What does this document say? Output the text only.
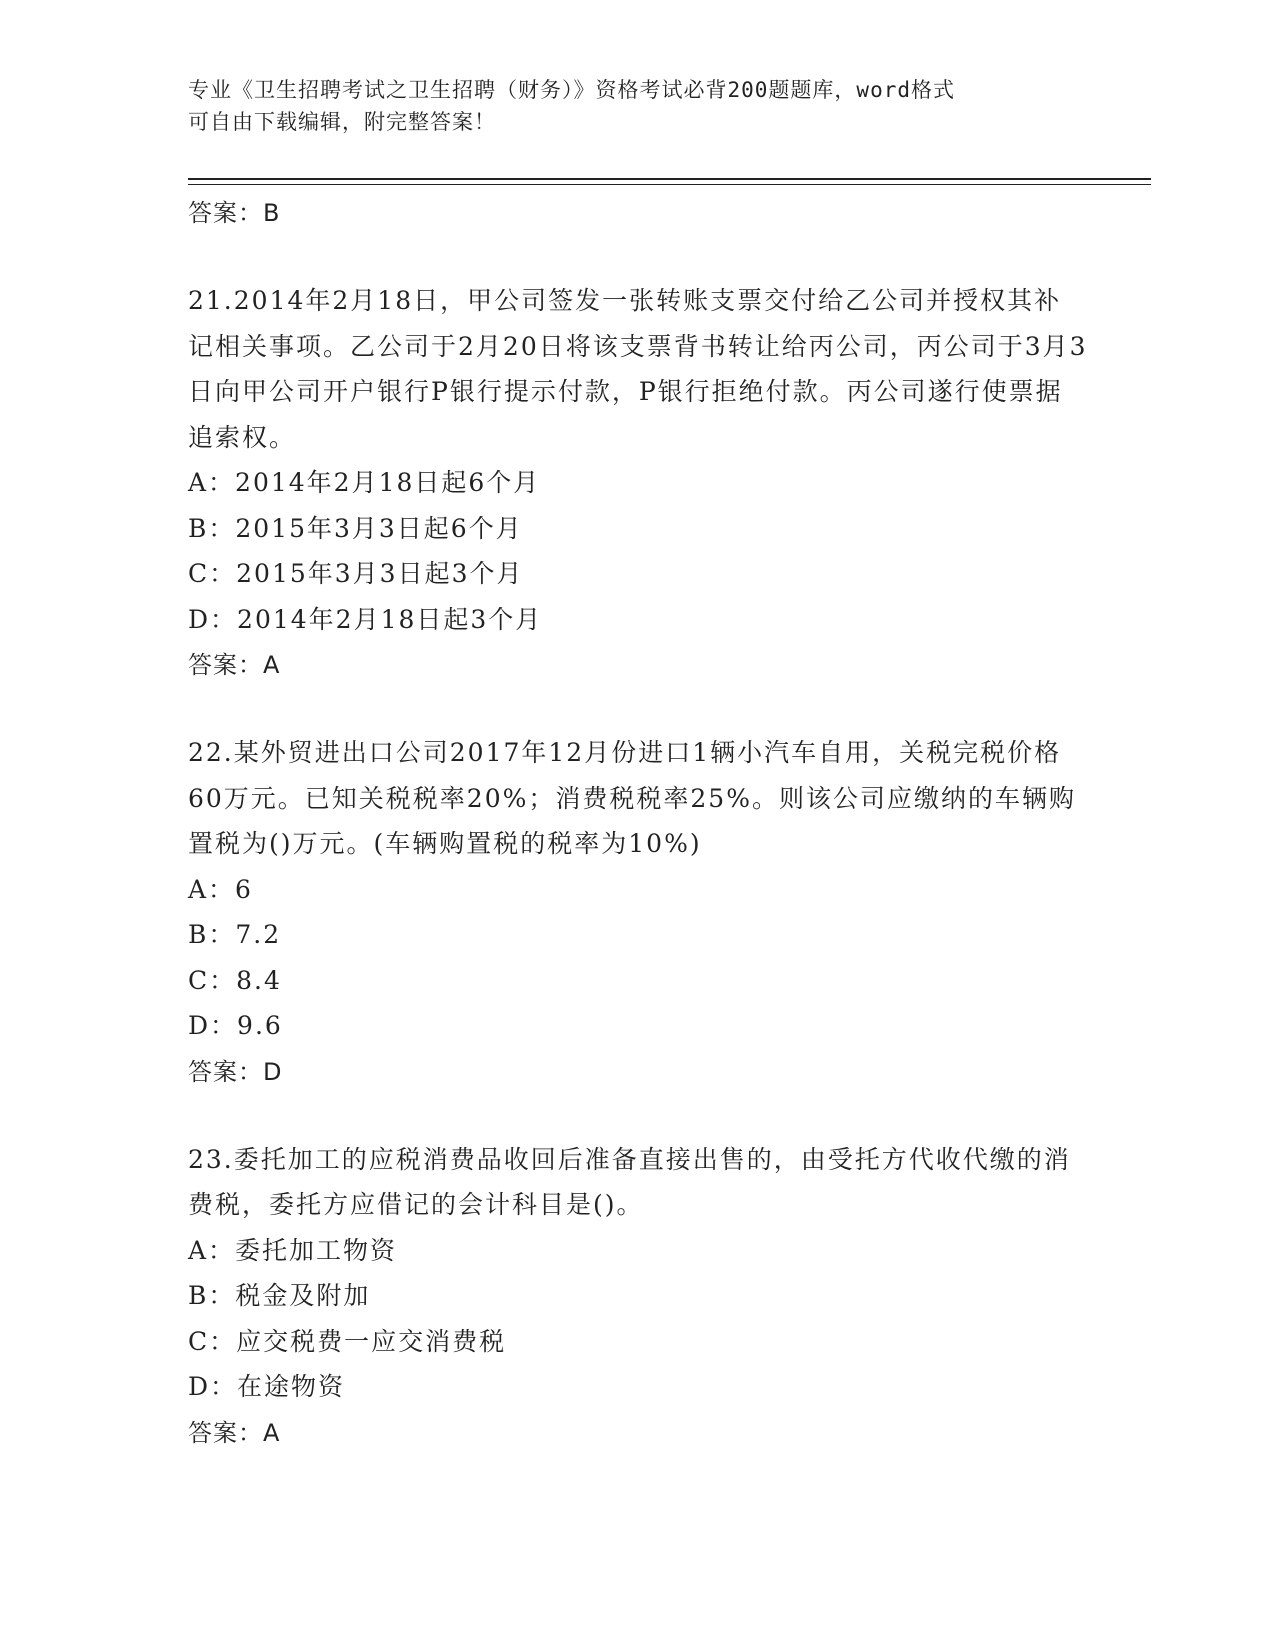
专业《卫生招聘考试之卫生招聘（财务）》资格考试必背200题题库，word格式
可自由下载编辑，附完整答案！
答案：B

21.2014年2月18日，甲公司签发一张转账支票交付给乙公司并授权其补记相关事项。乙公司于2月20日将该支票背书转让给丙公司，丙公司于3月3日向甲公司开户银行P银行提示付款，P银行拒绝付款。丙公司遂行使票据追索权。

A：2014年2月18日起6个月
B：2015年3月3日起6个月
C：2015年3月3日起3个月
D：2014年2月18日起3个月
答案：A

22.某外贸进出口公司2017年12月份进口1辆小汽车自用，关税完税价格60万元。已知关税税率20%；消费税税率25%。则该公司应缴纳的车辆购置税为()万元。(车辆购置税的税率为10%)

A：6
B：7.2
C：8.4
D：9.6
答案：D

23.委托加工的应税消费品收回后准备直接出售的，由受托方代收代缴的消费税，委托方应借记的会计科目是()。

A：委托加工物资
B：税金及附加
C：应交税费一应交消费税
D：在途物资
答案：A
